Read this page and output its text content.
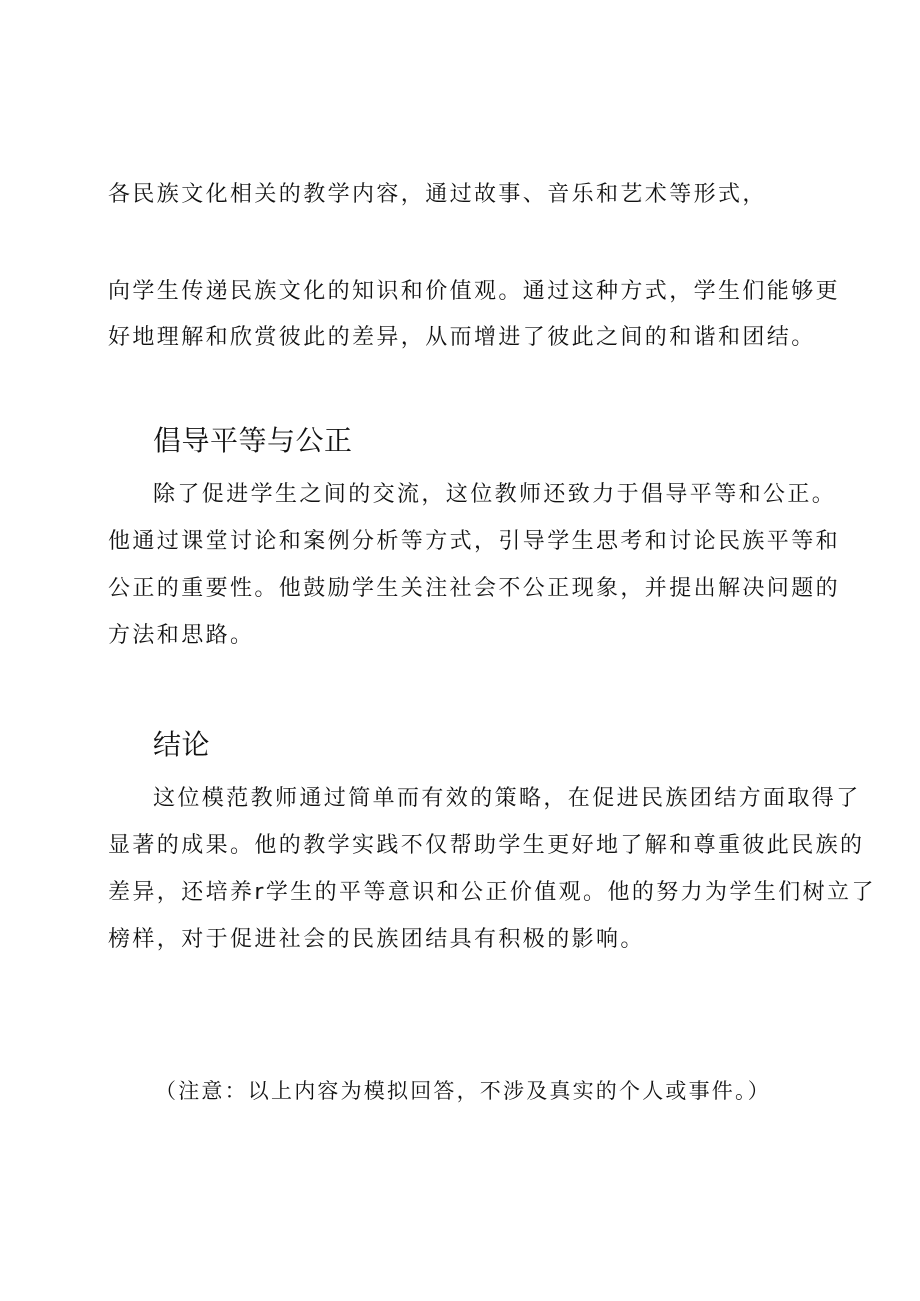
各民族文化相关的教学内容，通过故事、音乐和艺术等形式，
向学生传递民族文化的知识和价值观。通过这种方式，学生们能够更
好地理解和欣赏彼此的差异，从而增进了彼此之间的和谐和团结。
倡导平等与公正
除了促进学生之间的交流，这位教师还致力于倡导平等和公正。
他通过课堂讨论和案例分析等方式，引导学生思考和讨论民族平等和
公正的重要性。他鼓励学生关注社会不公正现象，并提出解决问题的
方法和思路。
结论
这位模范教师通过简单而有效的策略，在促进民族团结方面取得了
显著的成果。他的教学实践不仅帮助学生更好地了解和尊重彼此民族的
差异，还培养r学生的平等意识和公正价值观。他的努力为学生们树立了
榜样，对于促进社会的民族团结具有积极的影响。
（注意：以上内容为模拟回答，不涉及真实的个人或事件。）
